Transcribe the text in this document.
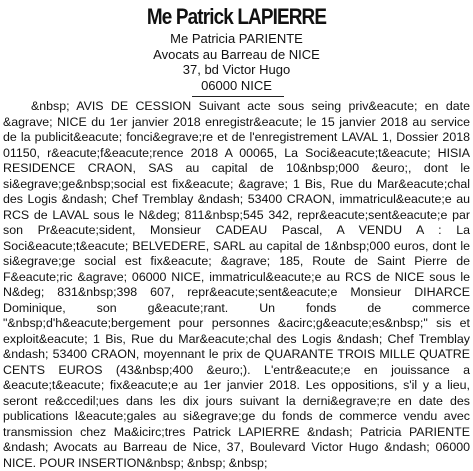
Me Patrick LAPIERRE
Me Patricia PARIENTE
Avocats au Barreau de NICE
37, bd Victor Hugo
06000 NICE

&nbsp; AVIS DE CESSION Suivant acte sous seing priv&eacute; en date &agrave; NICE du 1er janvier 2018 enregistr&eacute; le 15 janvier 2018 au service de la publicit&eacute; fonci&egrave;re et de l'enregistrement LAVAL 1, Dossier 2018 01150, r&eacute;f&eacute;rence 2018 A 00065, La Soci&eacute;t&eacute; HISIA RESIDENCE CRAON, SAS au capital de 10&nbsp;000 &euro;, dont le si&egrave;ge&nbsp;social est fix&eacute; &agrave; 1 Bis, Rue du Mar&eacute;chal des Logis &ndash; Chef Tremblay &ndash; 53400 CRAON, immatricul&eacute;e au RCS de LAVAL sous le N&deg; 811&nbsp;545 342, repr&eacute;sent&eacute;e par son Pr&eacute;sident, Monsieur CADEAU Pascal, A VENDU A : La Soci&eacute;t&eacute; BELVEDERE, SARL au capital de 1&nbsp;000 euros, dont le si&egrave;ge social est fix&eacute; &agrave; 185, Route de Saint Pierre de F&eacute;ric &agrave; 06000 NICE, immatricul&eacute;e au RCS de NICE sous le N&deg; 831&nbsp;398 607, repr&eacute;sent&eacute;e Monsieur DIHARCE Dominique, son g&eacute;rant. Un fonds de commerce "&nbsp;d'h&eacute;bergement pour personnes &acirc;g&eacute;es&nbsp;" sis et exploit&eacute; 1 Bis, Rue du Mar&eacute;chal des Logis &ndash; Chef Tremblay &ndash; 53400 CRAON, moyennant le prix de QUARANTE TROIS MILLE QUATRE CENTS EUROS (43&nbsp;400 &euro;). L'entr&eacute;e en jouissance a &eacute;t&eacute; fix&eacute;e au 1er janvier 2018. Les oppositions, s'il y a lieu, seront re&ccedil;ues dans les dix jours suivant la derni&egrave;re en date des publications l&eacute;gales au si&egrave;ge du fonds de commerce vendu avec transmission chez Ma&icirc;tres Patrick LAPIERRE &ndash; Patricia PARIENTE &ndash; Avocats au Barreau de Nice, 37, Boulevard Victor Hugo &ndash; 06000 NICE. POUR INSERTION&nbsp; &nbsp; &nbsp;
